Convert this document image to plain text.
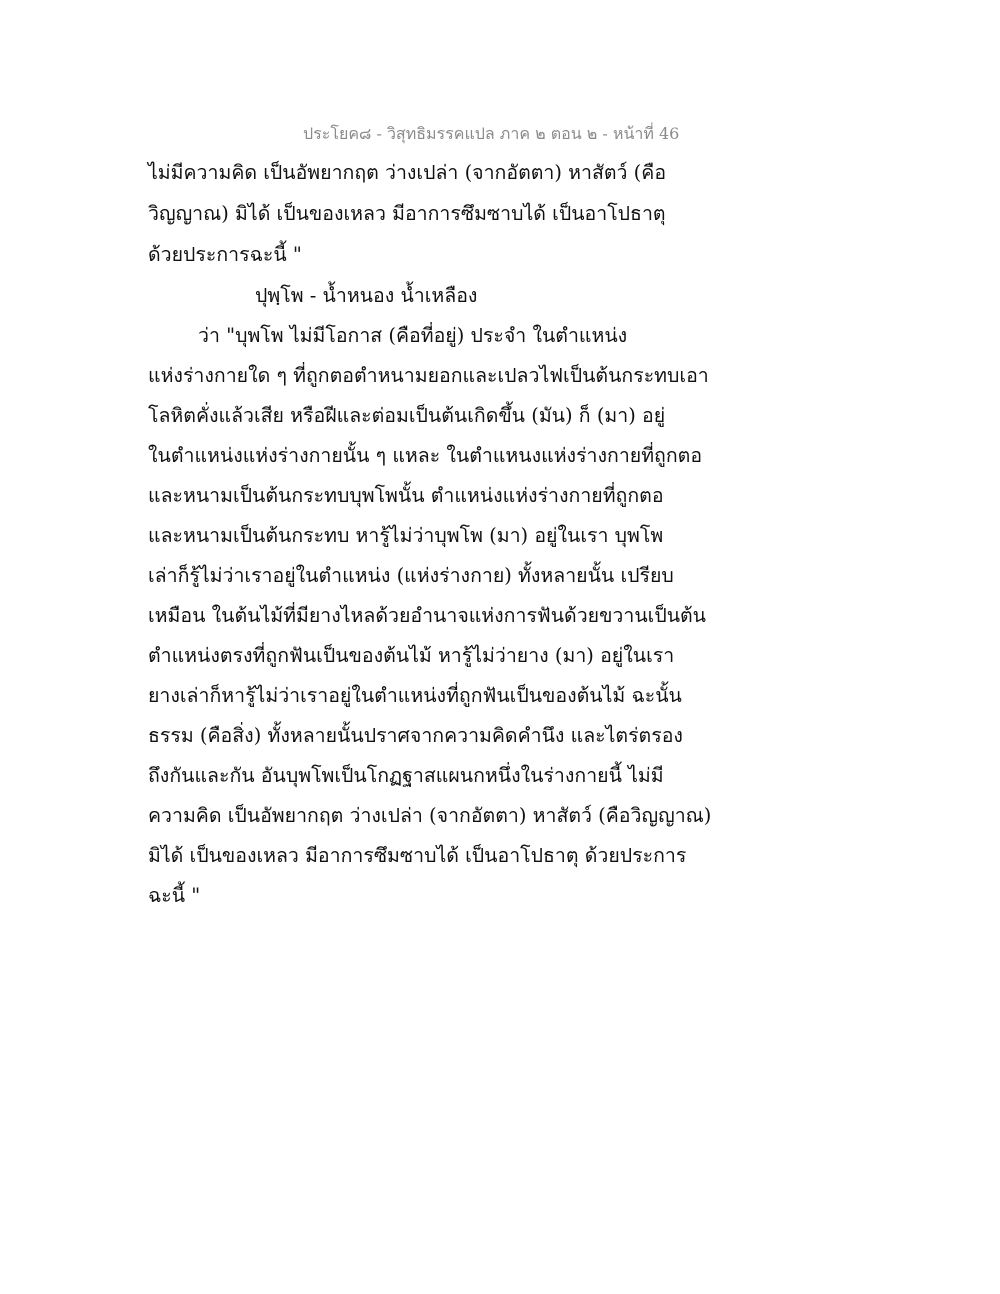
ประโยค๘ - วิสุทธิมรรคแปล ภาค ๒ ตอน ๒ - หน้าที่ 46
ไม่มีความคิด เป็นอัพยากฤต ว่างเปล่า (จากอัตตา) หาสัตว์ (คือ
วิญญาณ) มิได้ เป็นของเหลว มีอาการซึมซาบได้ เป็นอาโปธาตุ
ด้วยประการฉะนี้ "
ปุพฺโพ - น้ำหนอง น้ำเหลือง
ว่า "บุพโพ ไม่มีโอกาส (คือที่อยู่) ประจำ ในตำแหน่ง
แห่งร่างกายใด ๆ ที่ถูกตอตำหนามยอกและเปลวไฟเป็นต้นกระทบเอา
โลหิตคั่งแล้วเสีย หรือฝีและต่อมเป็นต้นเกิดขึ้น (มัน) ก็ (มา) อยู่
ในตำแหน่งแห่งร่างกายนั้น ๆ แหละ ในตำแหนงแห่งร่างกายที่ถูกตอ
และหนามเป็นต้นกระทบบุพโพนั้น ตำแหน่งแห่งร่างกายที่ถูกตอ
และหนามเป็นต้นกระทบ หารู้ไม่ว่าบุพโพ (มา) อยู่ในเรา บุพโพ
เล่าก็รู้ไม่ว่าเราอยู่ในตำแหน่ง (แห่งร่างกาย) ทั้งหลายนั้น เปรียบ
เหมือน ในต้นไม้ที่มียางไหลด้วยอำนาจแห่งการฟันด้วยขวานเป็นต้น
ตำแหน่งตรงที่ถูกฟันเป็นของต้นไม้ หารู้ไม่ว่ายาง (มา) อยู่ในเรา
ยางเล่าก็หารู้ไม่ว่าเราอยู่ในตำแหน่งที่ถูกฟันเป็นของต้นไม้ ฉะนั้น
ธรรม (คือสิ่ง) ทั้งหลายนั้นปราศจากความคิดคำนึง และไตร่ตรอง
ถึงกันและกัน อันบุพโพเป็นโกฏฐาสแผนกหนึ่งในร่างกายนี้ ไม่มี
ความคิด เป็นอัพยากฤต ว่างเปล่า (จากอัตตา) หาสัตว์ (คือวิญญาณ)
มิได้ เป็นของเหลว มีอาการซึมซาบได้ เป็นอาโปธาตุ ด้วยประการ
ฉะนี้ "
